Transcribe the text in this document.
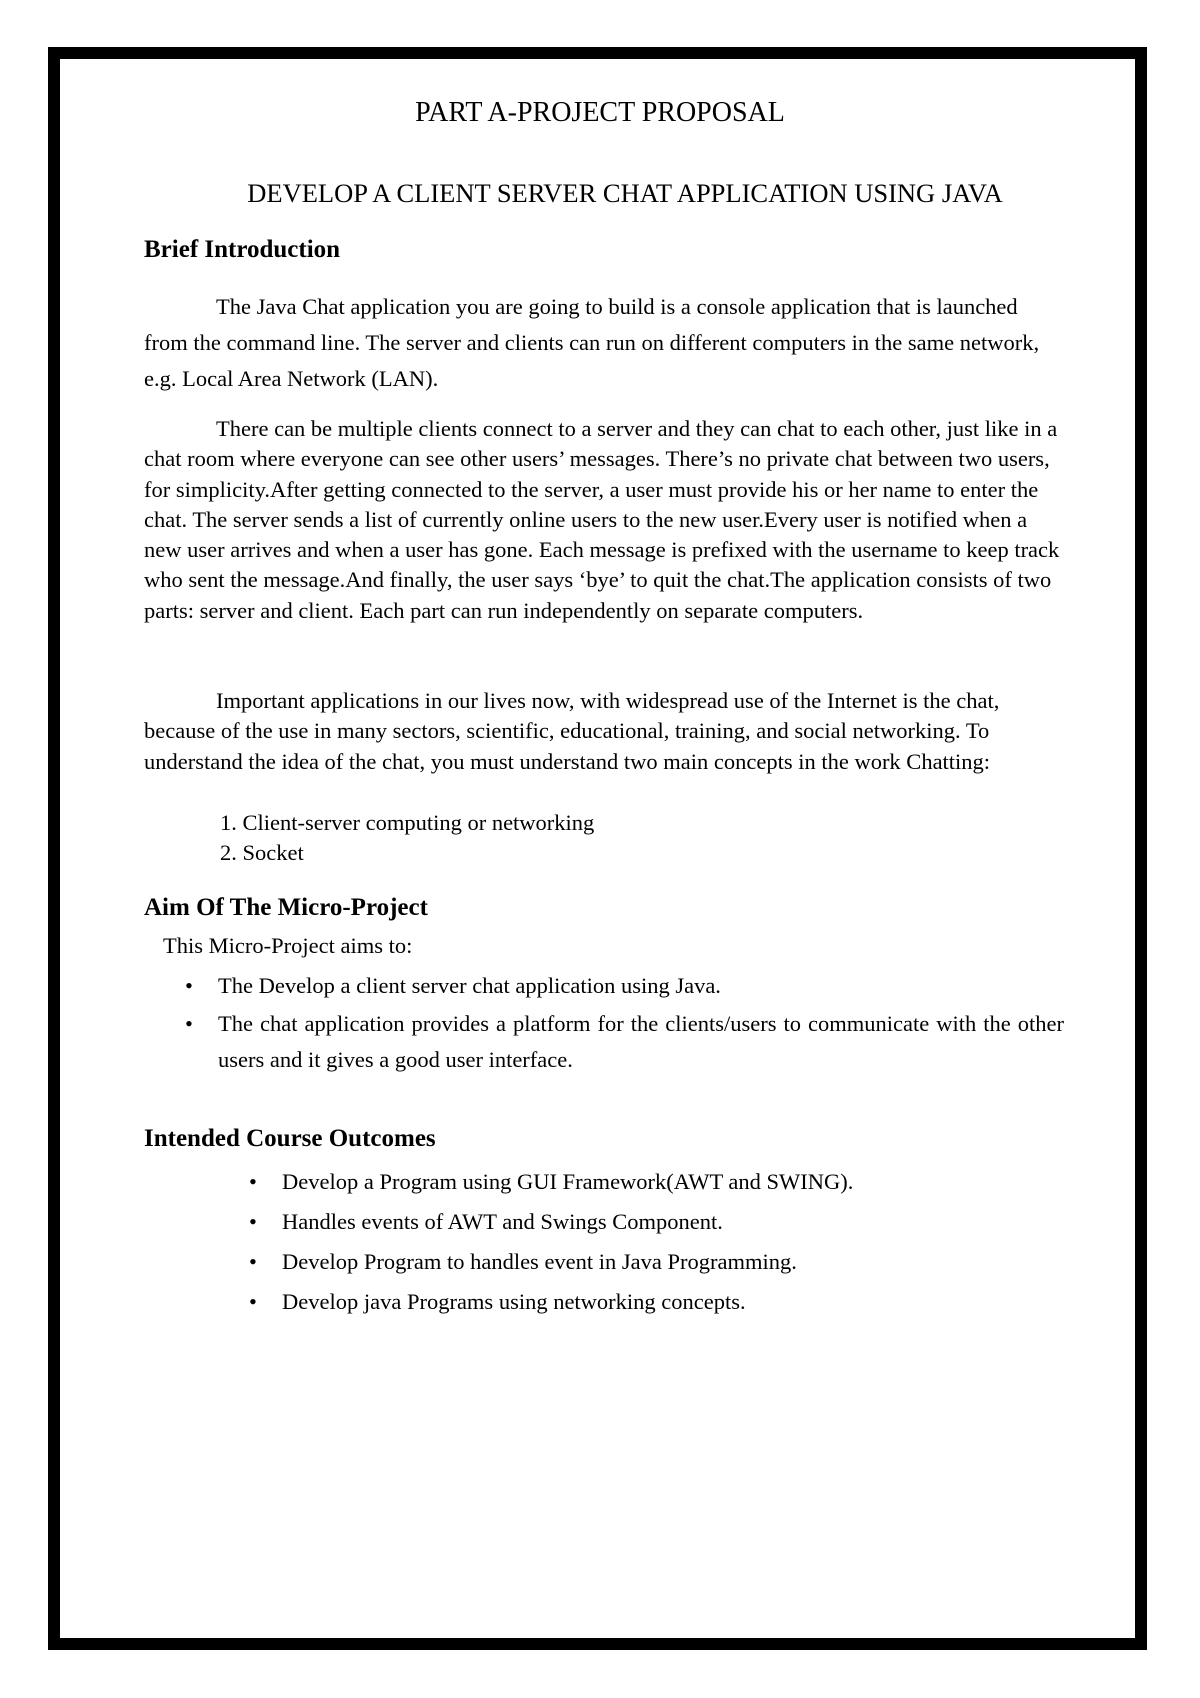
PART A-PROJECT PROPOSAL
DEVELOP A CLIENT SERVER CHAT APPLICATION USING JAVA
Brief Introduction

The Java Chat application you are going to build is a console application that is launched from the command line. The server and clients can run on different computers in the same network, e.g. Local Area Network (LAN).

There can be multiple clients connect to a server and they can chat to each other, just like in a chat room where everyone can see other users’ messages. There’s no private chat between two users, for simplicity.After getting connected to the server, a user must provide his or her name to enter the chat. The server sends a list of currently online users to the new user.Every user is notified when a new user arrives and when a user has gone. Each message is prefixed with the username to keep track who sent the message.And finally, the user says ‘bye’ to quit the chat.The application consists of two parts: server and client. Each part can run independently on separate computers.

Important applications in our lives now, with widespread use of the Internet is the chat, because of the use in many sectors, scientific, educational, training, and social networking. To understand the idea of the chat, you must understand two main concepts in the work Chatting:

1. Client-server computing or networking
2. Socket
Aim Of The Micro-Project

This Micro-Project aims to:

• The Develop a client server chat application using Java.
• The chat application provides a platform for the clients/users to communicate with the other users and it gives a good user interface.
Intended Course Outcomes
• Develop a Program using GUI Framework(AWT and SWING).
• Handles events of AWT and Swings Component.
• Develop Program to handles event in Java Programming.
• Develop java Programs using networking concepts.
